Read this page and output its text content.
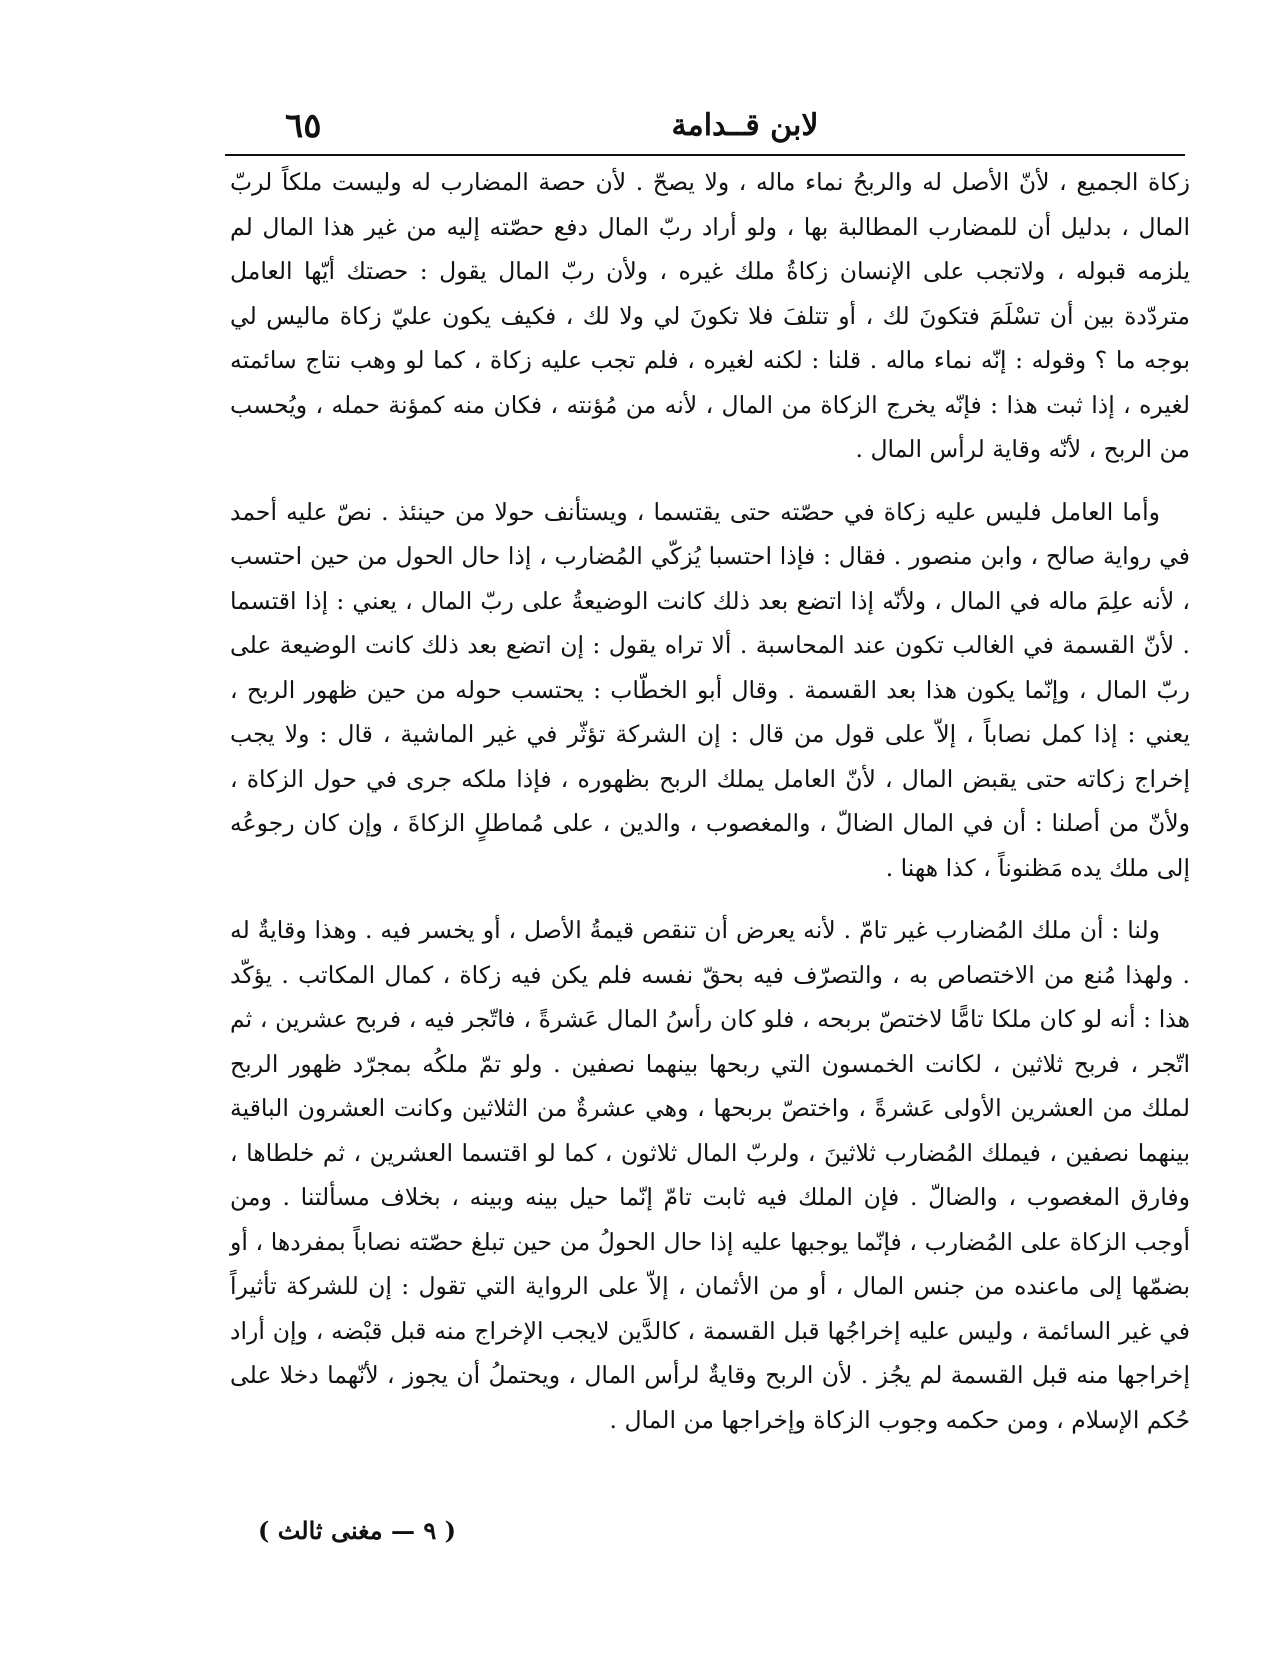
٦٥	لابن قــدامة

زكاة الجميع ، لأنّ الأصل له والربحُ نماء ماله ، ولا يصحّ . لأن حصة المضارب له وليست ملكاً لربّ المال ، بدليل أن للمضارب المطالبة بها ، ولو أراد ربّ المال دفع حصّته إليه من غير هذا المال لم يلزمه قبوله ، ولاتجب على الإنسان زكاةُ ملك غيره ، ولأن ربّ المال يقول : حصتك أيّها العامل متردّدة بين أن تسْلَمَ فتكونَ لك ، أو تتلفَ فلا تكونَ لي ولا لك ، فكيف يكون عليّ زكاة ماليس لي بوجه ما ؟ وقوله : إنّه نماء ماله . قلنا : لكنه لغيره ، فلم تجب عليه زكاة ، كما لو وهب نتاج سائمته لغيره ، إذا ثبت هذا : فإنّه يخرج الزكاة من المال ، لأنه من مُؤنته ، فكان منه كمؤنة حمله ، ويُحسب من الربح ، لأنّه وقاية لرأس المال .

وأما العامل فليس عليه زكاة في حصّته حتى يقتسما ، ويستأنف حولا من حينئذ . نصّ عليه أحمد في رواية صالح ، وابن منصور . فقال : فإذا احتسبا يُزكّي المُضارب ، إذا حال الحول من حين احتسب ، لأنه علِمَ ماله في المال ، ولأنّه إذا اتضع بعد ذلك كانت الوضيعةُ على ربّ المال ، يعني : إذا اقتسما . لأنّ القسمة في الغالب تكون عند المحاسبة . ألا تراه يقول : إن اتضع بعد ذلك كانت الوضيعة على ربّ المال ، وإنّما يكون هذا بعد القسمة . وقال أبو الخطّاب : يحتسب حوله من حين ظهور الربح ، يعني : إذا كمل نصاباً ، إلاّ على قول من قال : إن الشركة تؤثّر في غير الماشية ، قال : ولا يجب إخراج زكاته حتى يقبض المال ، لأنّ العامل يملك الربح بظهوره ، فإذا ملكه جرى في حول الزكاة ، ولأنّ من أصلنا : أن في المال الضالّ ، والمغصوب ، والدين ، على مُماطلٍ الزكاةَ ، وإن كان رجوعُه إلى ملك يده مَظنوناً ، كذا ههنا .

ولنا : أن ملك المُضارب غير تامّ . لأنه يعرض أن تنقص قيمةُ الأصل ، أو يخسر فيه . وهذا وقايةٌ له . ولهذا مُنع من الاختصاص به ، والتصرّف فيه بحقّ نفسه فلم يكن فيه زكاة ، كمال المكاتب . يؤكّد هذا : أنه لو كان ملكا تامًّا لاختصّ بربحه ، فلو كان رأسُ المال عَشرةً ، فاتّجر فيه ، فربح عشرين ، ثم اتّجر ، فربح ثلاثين ، لكانت الخمسون التي ربحها بينهما نصفين . ولو تمّ ملكُه بمجرّد ظهور الربح لملك من العشرين الأولى عَشرةً ، واختصّ بربحها ، وهي عشرةٌ من الثلاثين وكانت العشرون الباقية بينهما نصفين ، فيملك المُضارب ثلاثينَ ، ولربّ المال ثلاثون ، كما لو اقتسما العشرين ، ثم خلطاها ، وفارق المغصوب ، والضالّ . فإن الملك فيه ثابت تامّ إنّما حيل بينه وبينه ، بخلاف مسألتنا . ومن أوجب الزكاة على المُضارب ، فإنّما يوجبها عليه إذا حال الحولُ من حين تبلغ حصّته نصاباً بمفردها ، أو بضمّها إلى ماعنده من جنس المال ، أو من الأثمان ، إلاّ على الرواية التي تقول : إن للشركة تأثيراً في غير السائمة ، وليس عليه إخراجُها قبل القسمة ، كالدَّين لايجب الإخراج منه قبل قبْضه ، وإن أراد إخراجها منه قبل القسمة لم يجُز . لأن الربح وقايةٌ لرأس المال ، ويحتملُ أن يجوز ، لأنّهما دخلا على حُكم الإسلام ، ومن حكمه وجوب الزكاة وإخراجها من المال .

( ٩ — مغنى ثالث )
